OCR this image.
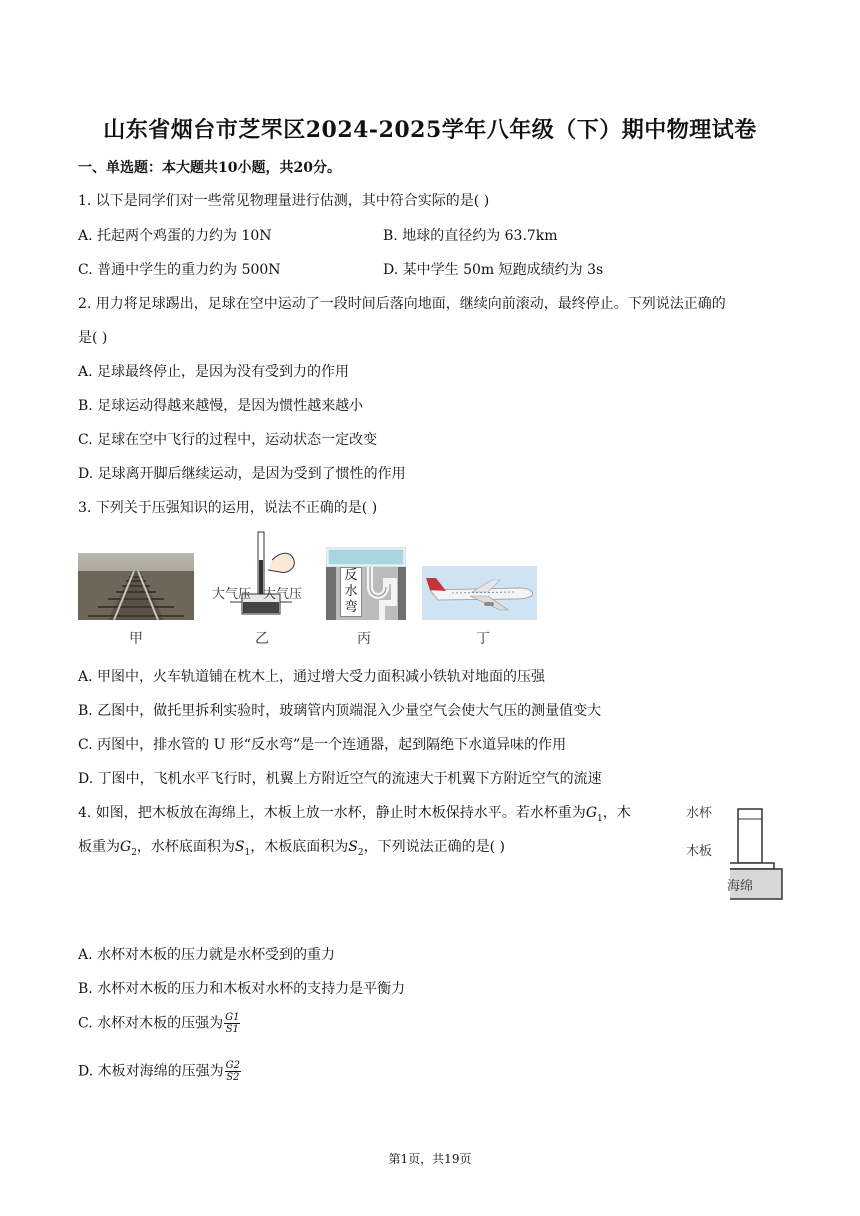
山东省烟台市芝罘区2024-2025学年八年级（下）期中物理试卷
一、单选题：本大题共10小题，共20分。
1. 以下是同学们对一些常见物理量进行估测，其中符合实际的是( )
A. 托起两个鸡蛋的力约为 10N	B. 地球的直径约为 63.7km
C. 普通中学生的重力约为 500N	D. 某中学生 50m 短跑成绩约为 3s
2. 用力将足球踢出，足球在空中运动了一段时间后落向地面，继续向前滚动，最终停止。下列说法正确的
是( )
A. 足球最终停止，是因为没有受到力的作用
B. 足球运动得越来越慢，是因为惯性越来越小
C. 足球在空中飞行的过程中，运动状态一定改变
D. 足球离开脚后继续运动，是因为受到了惯性的作用
3. 下列关于压强知识的运用，说法不正确的是( )
甲
大气压 大气压
乙
反
水
弯
丙	丁
A. 甲图中，火车轨道铺在枕木上，通过增大受力面积减小铁轨对地面的压强
B. 乙图中，做托里拆利实验时，玻璃管内顶端混入少量空气会使大气压的测量值变大
C. 丙图中，排水管的 U 形“反水弯”是一个连通器，起到隔绝下水道异味的作用
D. 丁图中，飞机水平飞行时，机翼上方附近空气的流速大于机翼下方附近空气的流速
4. 如图，把木板放在海绵上，木板上放一水杯，静止时木板保持水平。若水杯重为$G_1$，木
板重为$G_2$，水杯底面积为$S_1$，木板底面积为$S_2$，下列说法正确的是( )
水杯
木板
海绵
A. 水杯对木板的压力就是水杯受到的重力
B. 水杯对木板的压力和木板对水杯的支持力是平衡力
C. 水杯对木板的压强为 $\frac{G1}{S1}$
D. 木板对海绵的压强为 $\frac{G2}{S2}$
第1页，共19页
